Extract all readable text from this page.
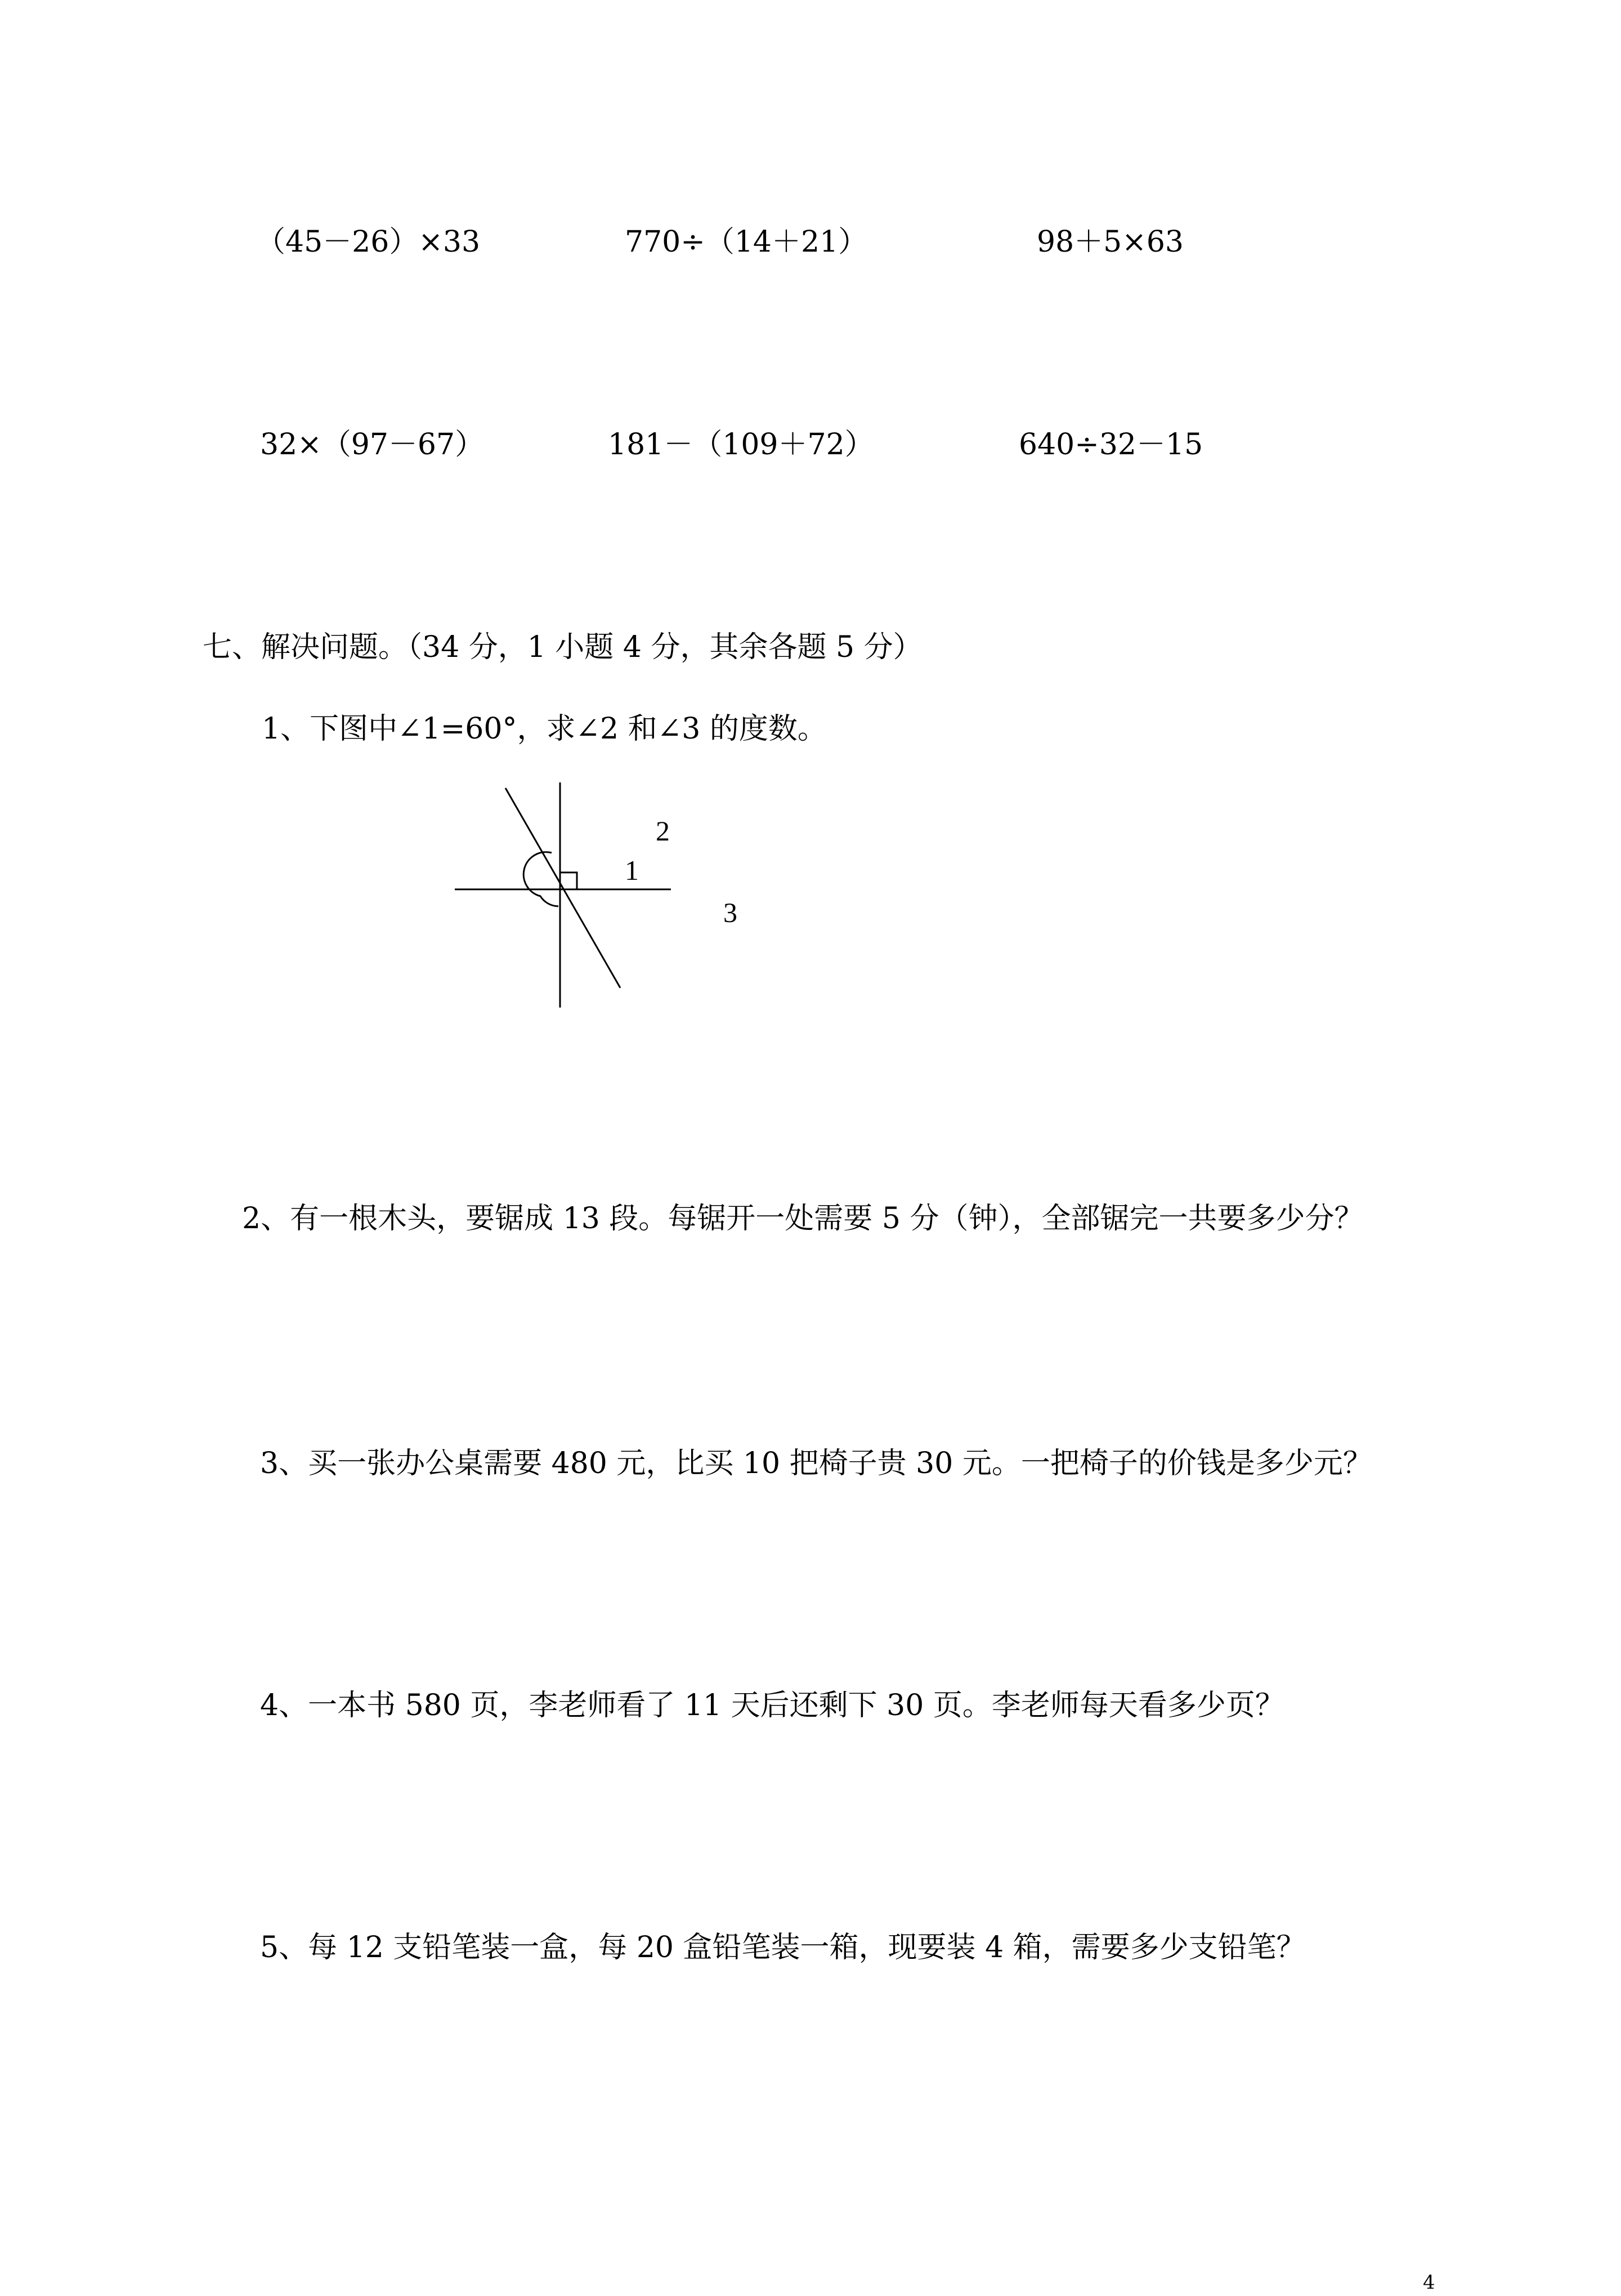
（45－26）×33	770÷（14＋21）	98＋5×63
32×（97－67）	181－（109＋72）	640÷32－15
七、解决问题。（34 分，1 小题 4 分，其余各题 5 分）
1、下图中∠1=60°，求∠2 和∠3 的度数。
2
1
3
2、有一根木头，要锯成 13 段。每锯开一处需要 5 分（钟），全部锯完一共要多少分？
3、买一张办公桌需要 480 元，比买 10 把椅子贵 30 元。一把椅子的价钱是多少元？
4、一本书 580 页，李老师看了 11 天后还剩下 30 页。李老师每天看多少页？
5、每 12 支铅笔装一盒，每 20 盒铅笔装一箱，现要装 4 箱，需要多少支铅笔？
4
